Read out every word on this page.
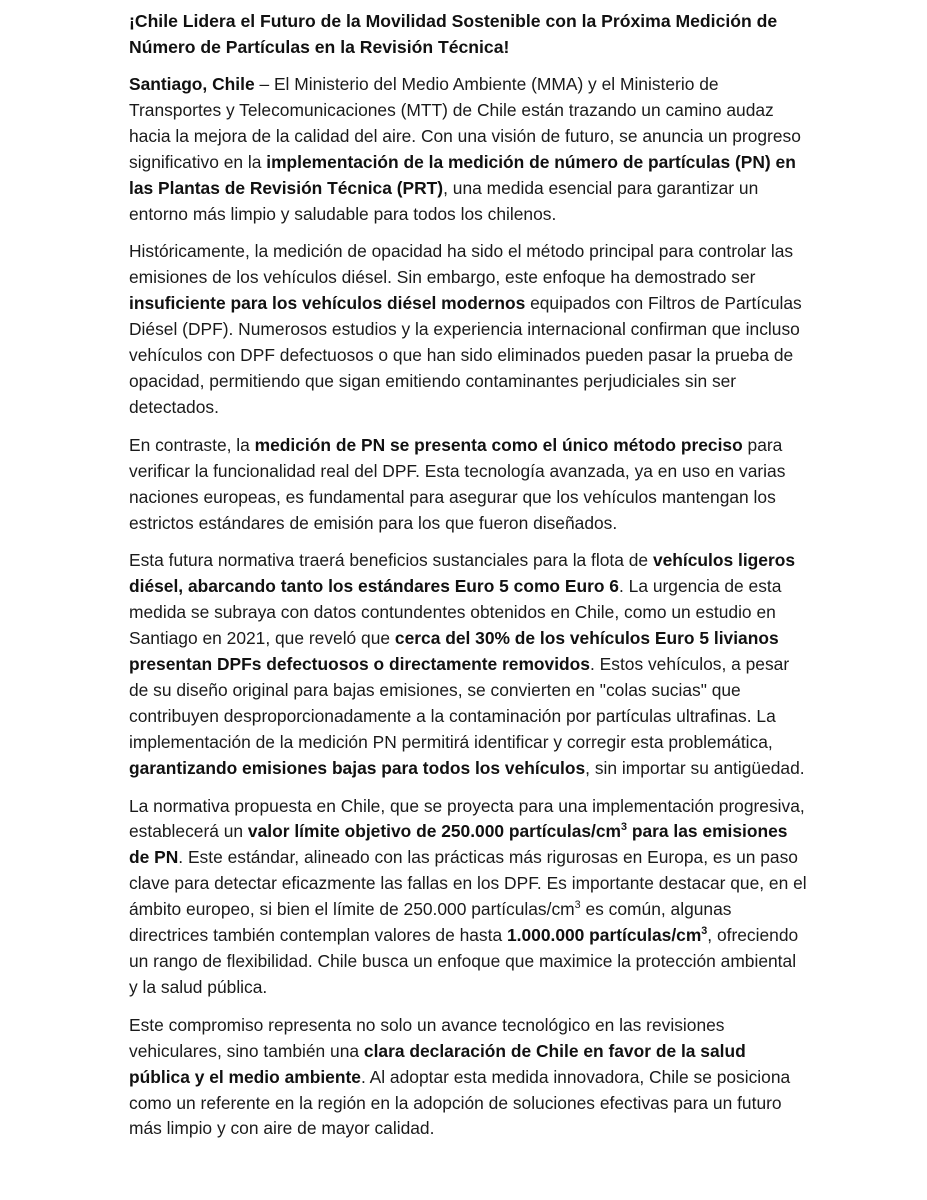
¡Chile Lidera el Futuro de la Movilidad Sostenible con la Próxima Medición de Número de Partículas en la Revisión Técnica!

Santiago, Chile – El Ministerio del Medio Ambiente (MMA) y el Ministerio de Transportes y Telecomunicaciones (MTT) de Chile están trazando un camino audaz hacia la mejora de la calidad del aire. Con una visión de futuro, se anuncia un progreso significativo en la implementación de la medición de número de partículas (PN) en las Plantas de Revisión Técnica (PRT), una medida esencial para garantizar un entorno más limpio y saludable para todos los chilenos.

Históricamente, la medición de opacidad ha sido el método principal para controlar las emisiones de los vehículos diésel. Sin embargo, este enfoque ha demostrado ser insuficiente para los vehículos diésel modernos equipados con Filtros de Partículas Diésel (DPF). Numerosos estudios y la experiencia internacional confirman que incluso vehículos con DPF defectuosos o que han sido eliminados pueden pasar la prueba de opacidad, permitiendo que sigan emitiendo contaminantes perjudiciales sin ser detectados.

En contraste, la medición de PN se presenta como el único método preciso para verificar la funcionalidad real del DPF. Esta tecnología avanzada, ya en uso en varias naciones europeas, es fundamental para asegurar que los vehículos mantengan los estrictos estándares de emisión para los que fueron diseñados.

Esta futura normativa traerá beneficios sustanciales para la flota de vehículos ligeros diésel, abarcando tanto los estándares Euro 5 como Euro 6. La urgencia de esta medida se subraya con datos contundentes obtenidos en Chile, como un estudio en Santiago en 2021, que reveló que cerca del 30% de los vehículos Euro 5 livianos presentan DPFs defectuosos o directamente removidos. Estos vehículos, a pesar de su diseño original para bajas emisiones, se convierten en "colas sucias" que contribuyen desproporcionadamente a la contaminación por partículas ultrafinas. La implementación de la medición PN permitirá identificar y corregir esta problemática, garantizando emisiones bajas para todos los vehículos, sin importar su antigüedad.

La normativa propuesta en Chile, que se proyecta para una implementación progresiva, establecerá un valor límite objetivo de 250.000 partículas/$cm^3$ para las emisiones de PN. Este estándar, alineado con las prácticas más rigurosas en Europa, es un paso clave para detectar eficazmente las fallas en los DPF. Es importante destacar que, en el ámbito europeo, si bien el límite de 250.000 partículas/$cm^3$ es común, algunas directrices también contemplan valores de hasta 1.000.000 partículas/$cm^3$, ofreciendo un rango de flexibilidad. Chile busca un enfoque que maximice la protección ambiental y la salud pública.

Este compromiso representa no solo un avance tecnológico en las revisiones vehiculares, sino también una clara declaración de Chile en favor de la salud pública y el medio ambiente. Al adoptar esta medida innovadora, Chile se posiciona como un referente en la región en la adopción de soluciones efectivas para un futuro más limpio y con aire de mayor calidad.
